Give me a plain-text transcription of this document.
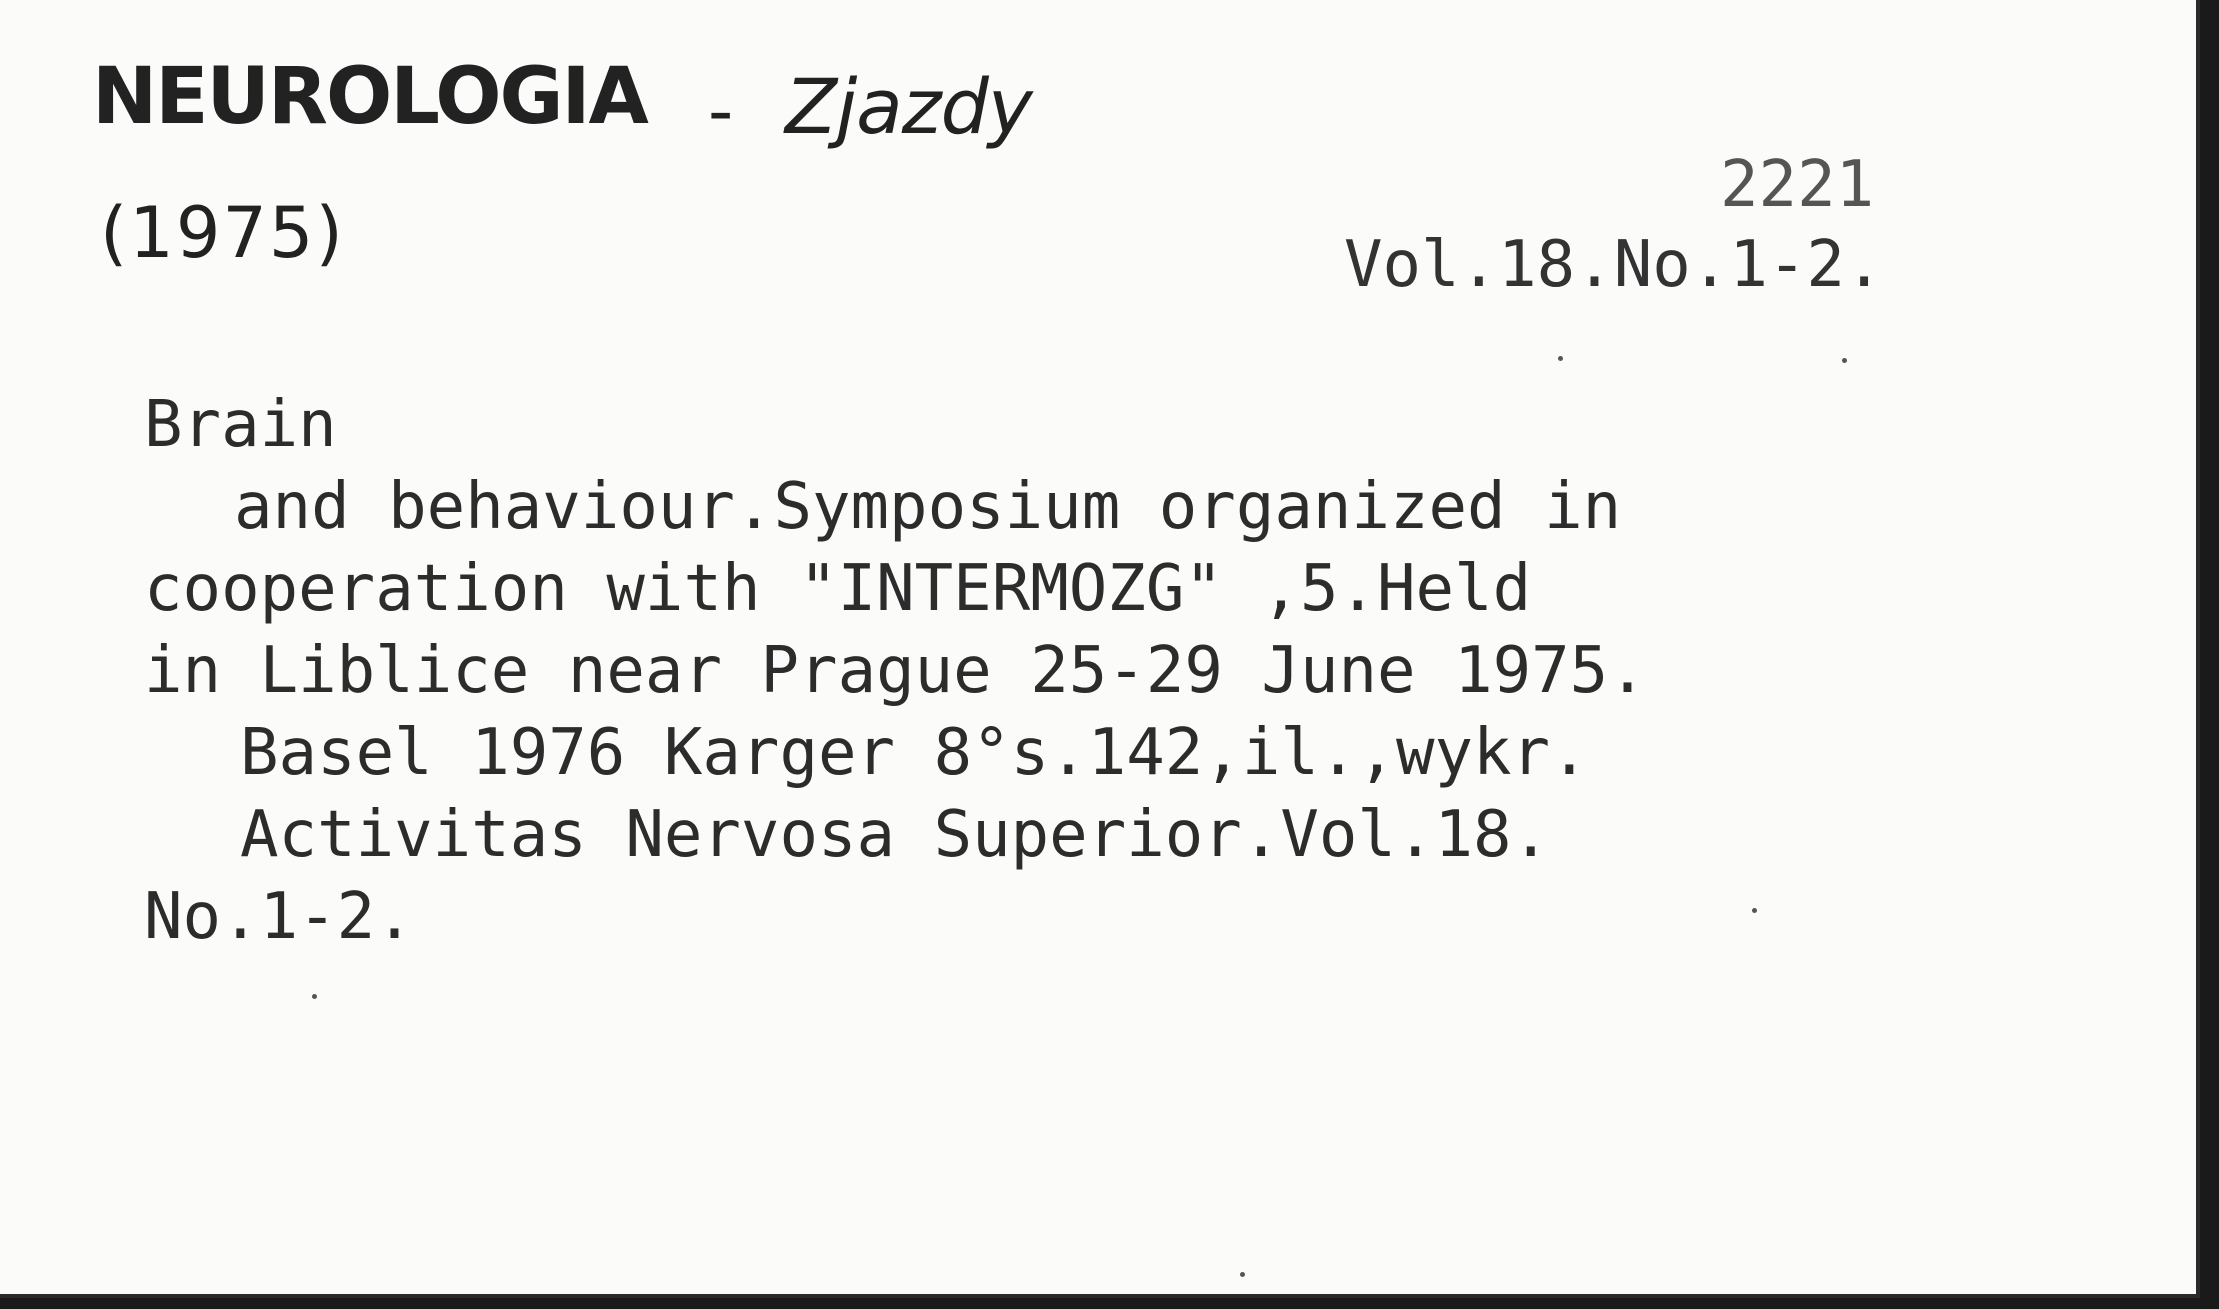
NEUROLOGIA - Zjazdy
(1975)
2221
Vol.18.No.1-2.
Brain
and behaviour.Symposium organized in
cooperation with "INTERMOZG" ,5.Held
in Liblice near Prague 25-29 June 1975.
Basel 1976 Karger 8°s.142,il.,wykr.
Activitas Nervosa Superior.Vol.18.
No.1-2.
